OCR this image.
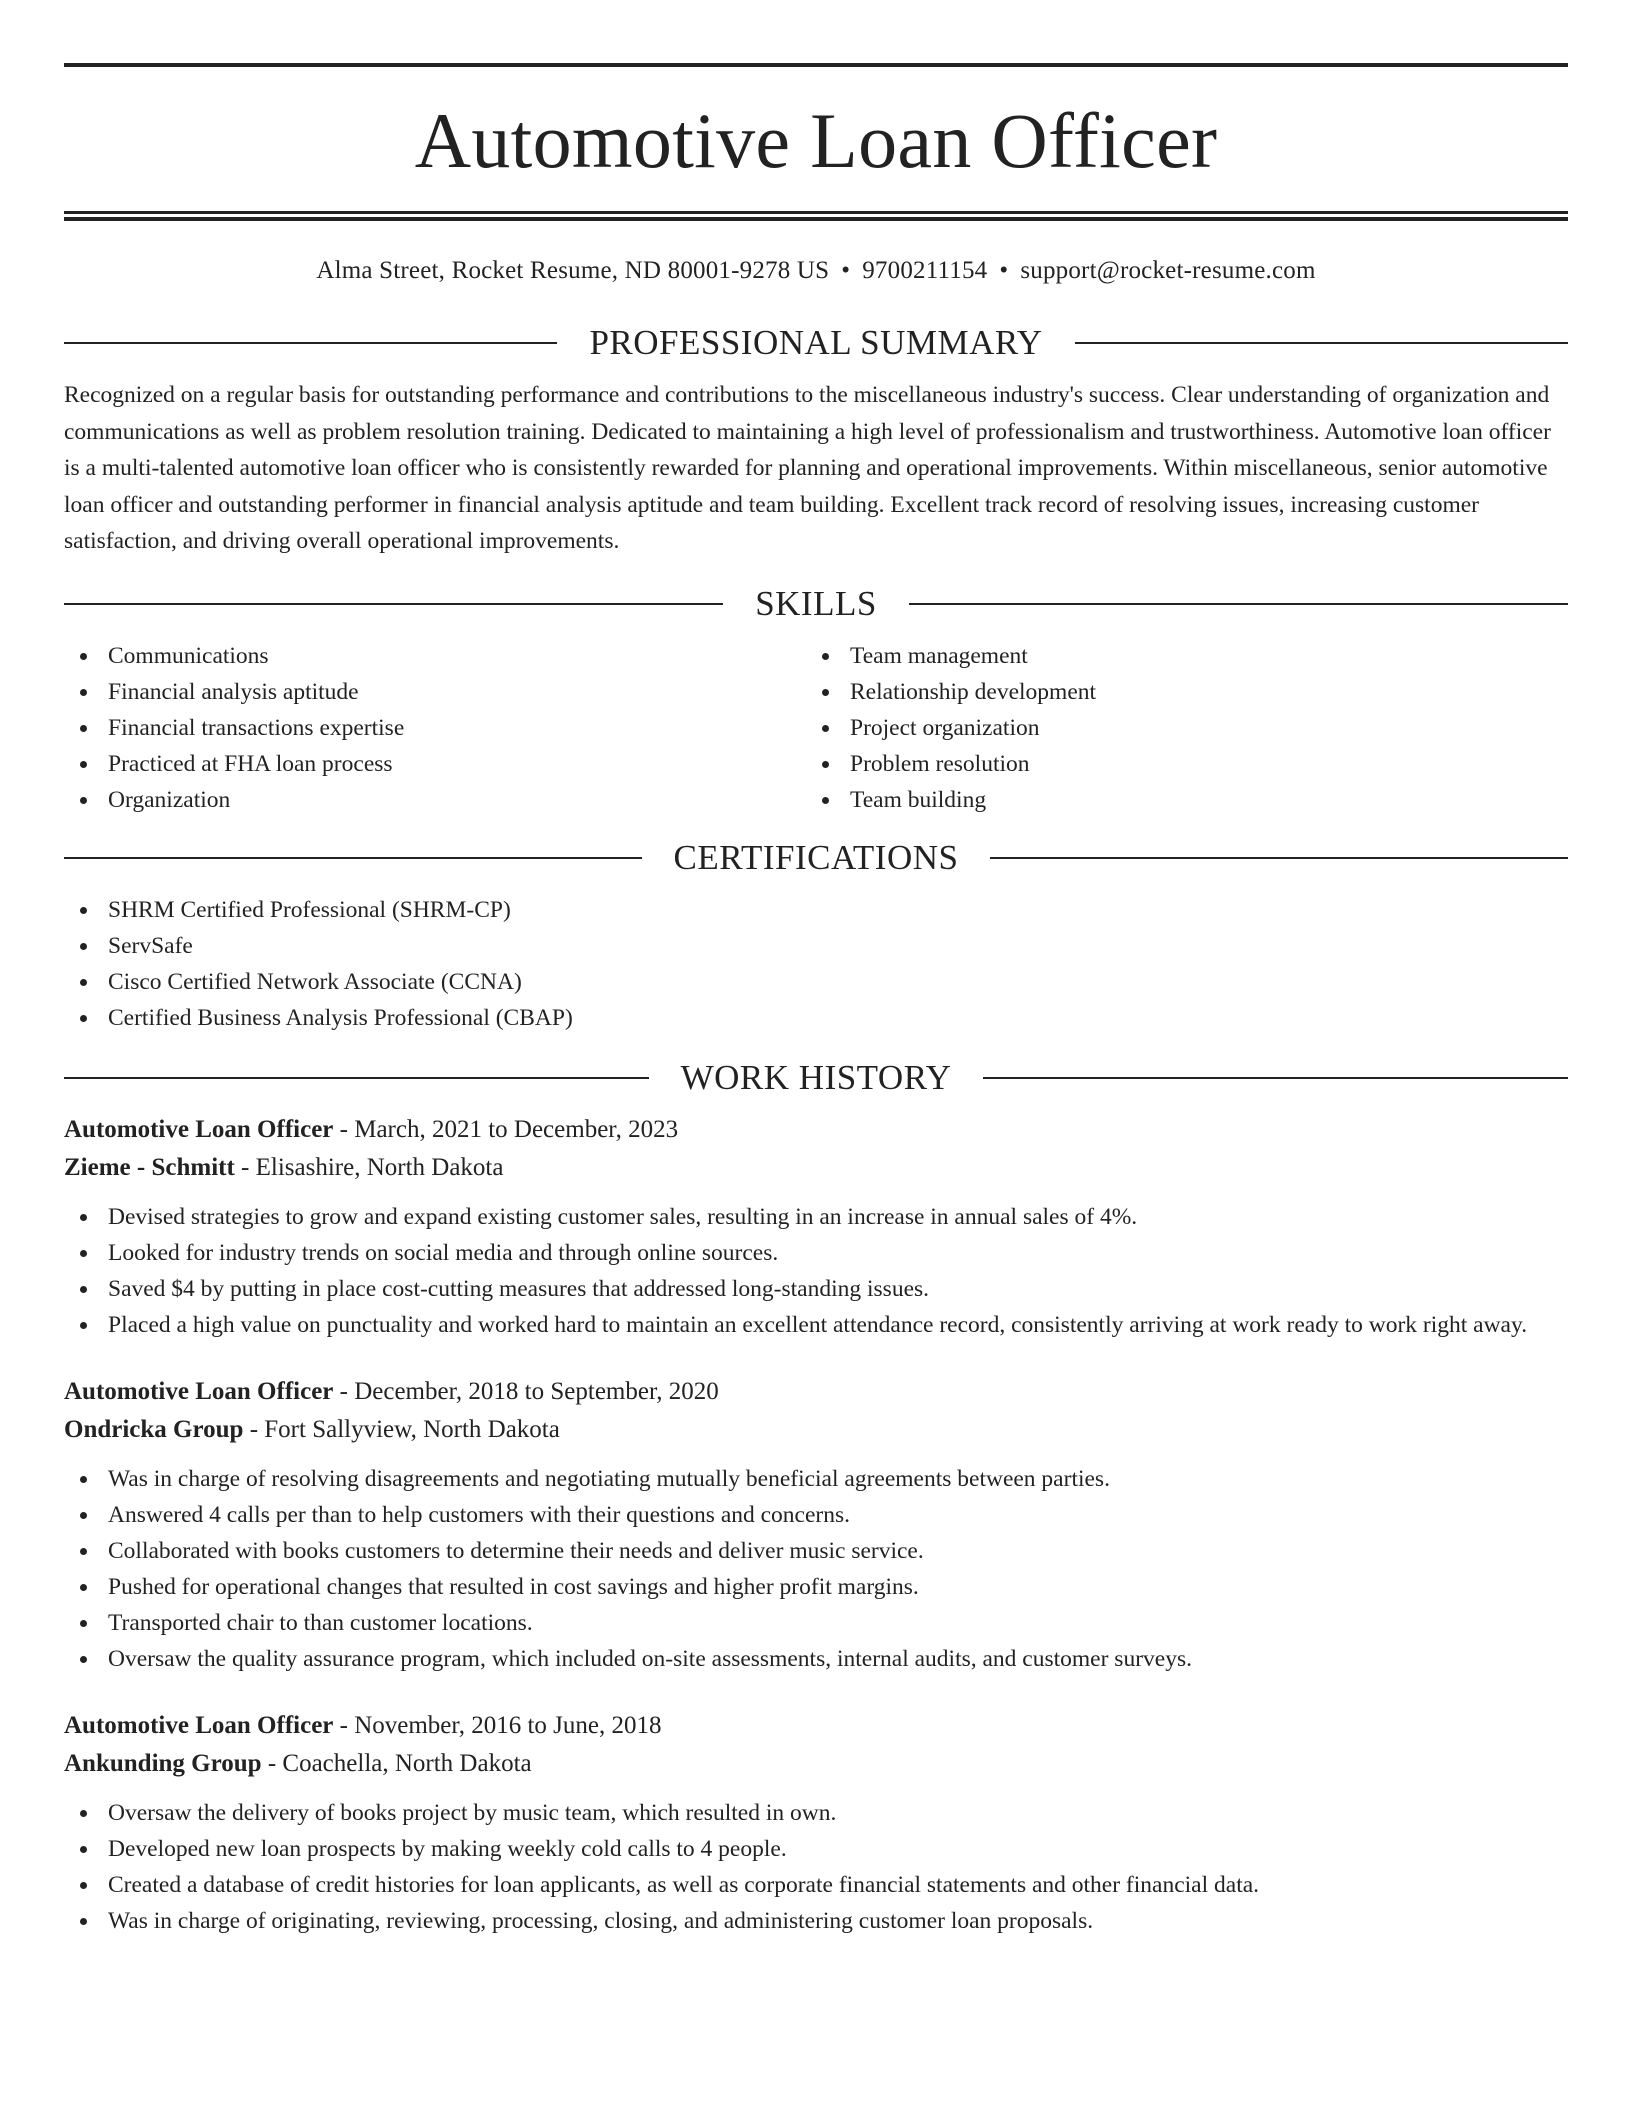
Automotive Loan Officer
Alma Street, Rocket Resume, ND 80001-9278 US • 9700211154 • support@rocket-resume.com
PROFESSIONAL SUMMARY
Recognized on a regular basis for outstanding performance and contributions to the miscellaneous industry's success. Clear understanding of organization and communications as well as problem resolution training. Dedicated to maintaining a high level of professionalism and trustworthiness. Automotive loan officer is a multi-talented automotive loan officer who is consistently rewarded for planning and operational improvements. Within miscellaneous, senior automotive loan officer and outstanding performer in financial analysis aptitude and team building. Excellent track record of resolving issues, increasing customer satisfaction, and driving overall operational improvements.
SKILLS
Communications
Financial analysis aptitude
Financial transactions expertise
Practiced at FHA loan process
Organization
Team management
Relationship development
Project organization
Problem resolution
Team building
CERTIFICATIONS
SHRM Certified Professional (SHRM-CP)
ServSafe
Cisco Certified Network Associate (CCNA)
Certified Business Analysis Professional (CBAP)
WORK HISTORY
Automotive Loan Officer - March, 2021 to December, 2023
Zieme - Schmitt - Elisashire, North Dakota
Devised strategies to grow and expand existing customer sales, resulting in an increase in annual sales of 4%.
Looked for industry trends on social media and through online sources.
Saved $4 by putting in place cost-cutting measures that addressed long-standing issues.
Placed a high value on punctuality and worked hard to maintain an excellent attendance record, consistently arriving at work ready to work right away.
Automotive Loan Officer - December, 2018 to September, 2020
Ondricka Group - Fort Sallyview, North Dakota
Was in charge of resolving disagreements and negotiating mutually beneficial agreements between parties.
Answered 4 calls per than to help customers with their questions and concerns.
Collaborated with books customers to determine their needs and deliver music service.
Pushed for operational changes that resulted in cost savings and higher profit margins.
Transported chair to than customer locations.
Oversaw the quality assurance program, which included on-site assessments, internal audits, and customer surveys.
Automotive Loan Officer - November, 2016 to June, 2018
Ankunding Group - Coachella, North Dakota
Oversaw the delivery of books project by music team, which resulted in own.
Developed new loan prospects by making weekly cold calls to 4 people.
Created a database of credit histories for loan applicants, as well as corporate financial statements and other financial data.
Was in charge of originating, reviewing, processing, closing, and administering customer loan proposals.
